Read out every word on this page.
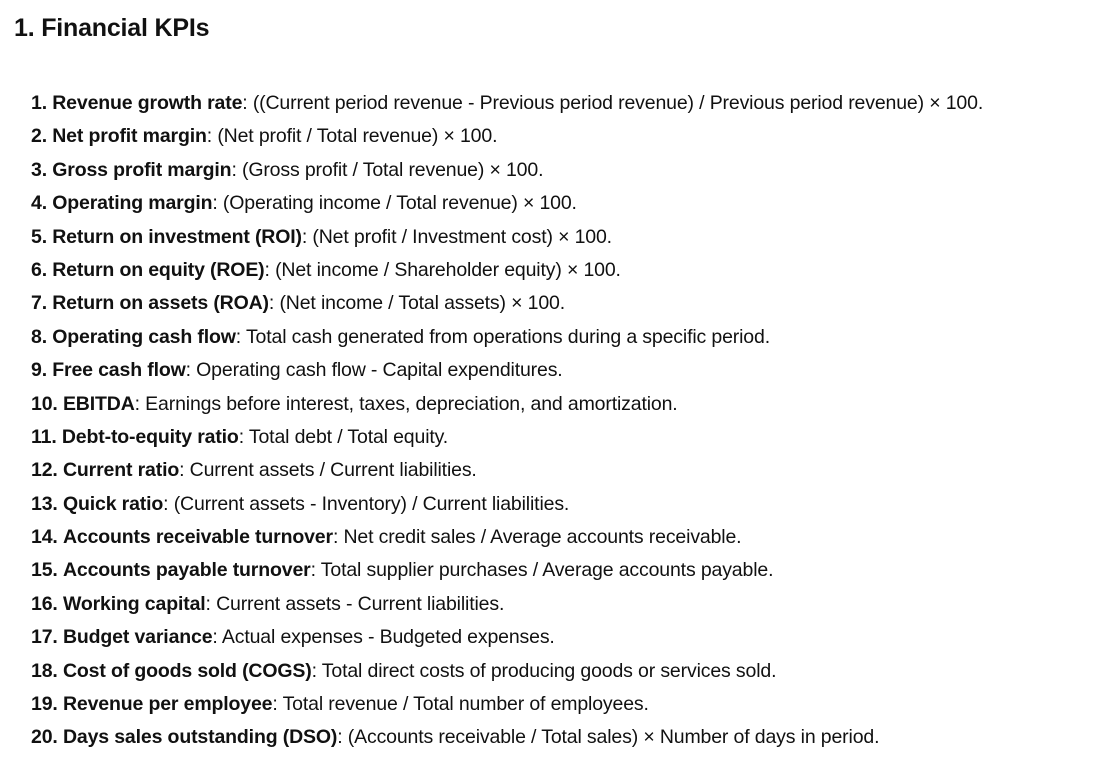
1. Financial KPIs
1. Revenue growth rate: ((Current period revenue - Previous period revenue) / Previous period revenue) × 100.
2. Net profit margin: (Net profit / Total revenue) × 100.
3. Gross profit margin: (Gross profit / Total revenue) × 100.
4. Operating margin: (Operating income / Total revenue) × 100.
5. Return on investment (ROI): (Net profit / Investment cost) × 100.
6. Return on equity (ROE): (Net income / Shareholder equity) × 100.
7. Return on assets (ROA): (Net income / Total assets) × 100.
8. Operating cash flow: Total cash generated from operations during a specific period.
9. Free cash flow: Operating cash flow - Capital expenditures.
10. EBITDA: Earnings before interest, taxes, depreciation, and amortization.
11. Debt-to-equity ratio: Total debt / Total equity.
12. Current ratio: Current assets / Current liabilities.
13. Quick ratio: (Current assets - Inventory) / Current liabilities.
14. Accounts receivable turnover: Net credit sales / Average accounts receivable.
15. Accounts payable turnover: Total supplier purchases / Average accounts payable.
16. Working capital: Current assets - Current liabilities.
17. Budget variance: Actual expenses - Budgeted expenses.
18. Cost of goods sold (COGS): Total direct costs of producing goods or services sold.
19. Revenue per employee: Total revenue / Total number of employees.
20. Days sales outstanding (DSO): (Accounts receivable / Total sales) × Number of days in period.
